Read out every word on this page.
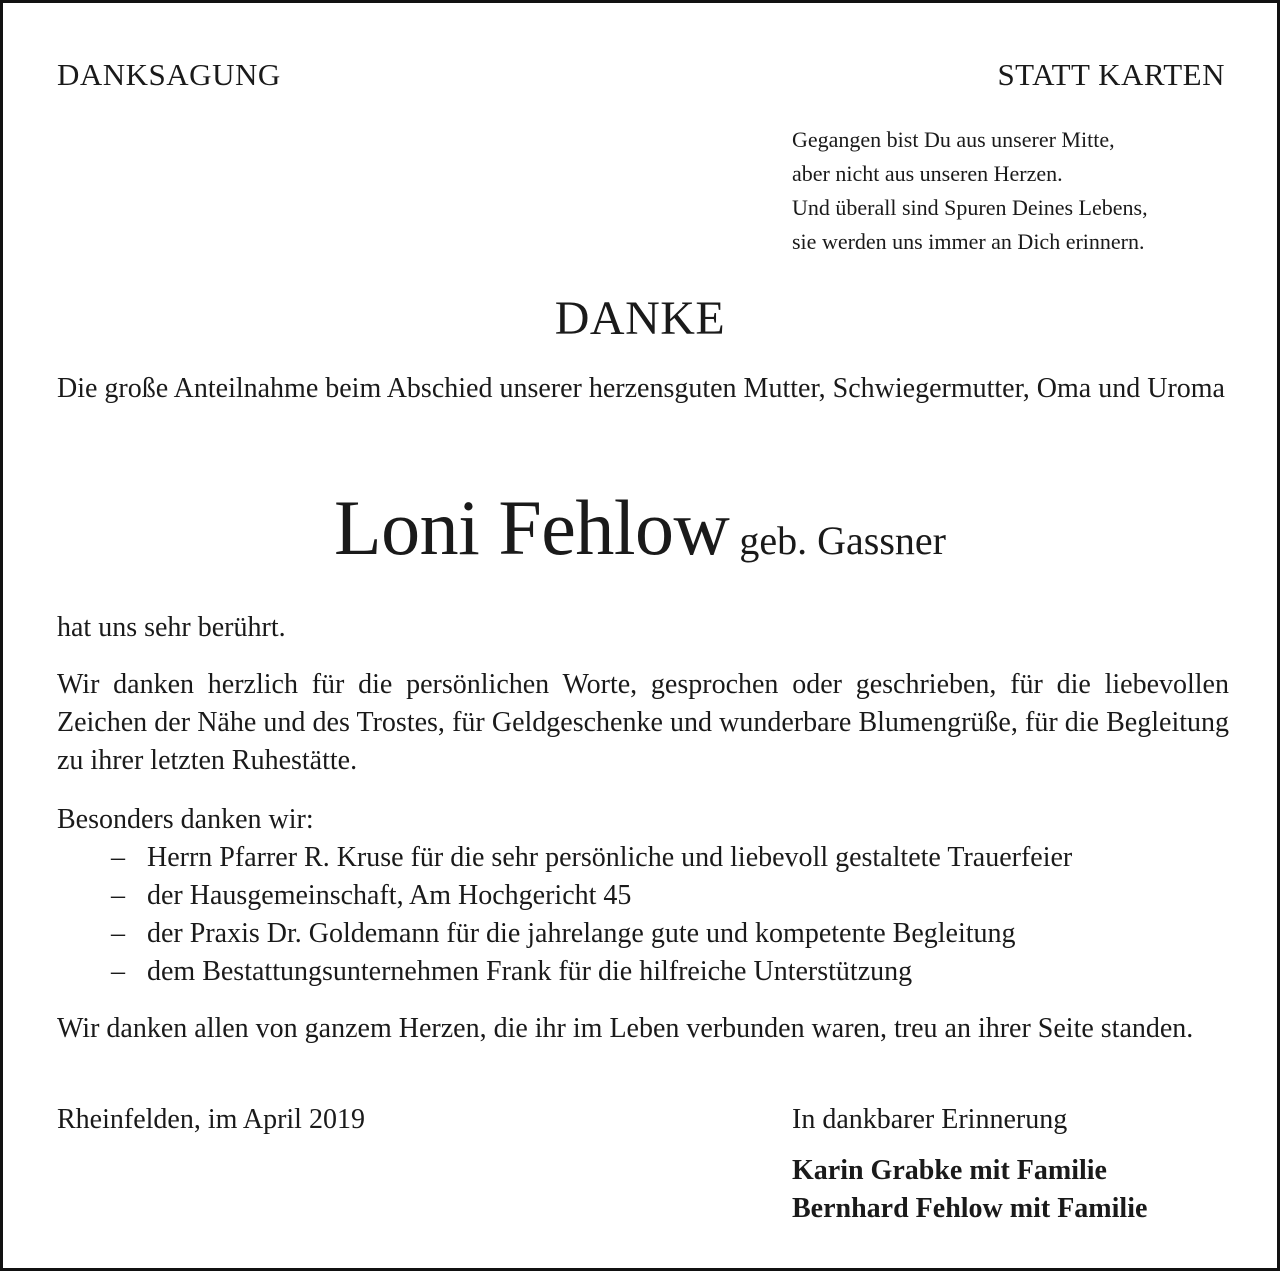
DANKSAGUNG	STATT KARTEN
Gegangen bist Du aus unserer Mitte,
aber nicht aus unseren Herzen.
Und überall sind Spuren Deines Lebens,
sie werden uns immer an Dich erinnern.
DANKE
Die große Anteilnahme beim Abschied unserer herzensguten Mutter, Schwiegermutter, Oma und Uroma
Loni Fehlow geb. Gassner
hat uns sehr berührt.
Wir danken herzlich für die persönlichen Worte, gesprochen oder geschrieben, für die liebevollen Zeichen der Nähe und des Trostes, für Geldgeschenke und wunderbare Blumengrüße, für die Begleitung zu ihrer letzten Ruhestätte.
Besonders danken wir:
– Herrn Pfarrer R. Kruse für die sehr persönliche und liebevoll gestaltete Trauerfeier
– der Hausgemeinschaft, Am Hochgericht 45
– der Praxis Dr. Goldemann für die jahrelange gute und kompetente Begleitung
– dem Bestattungsunternehmen Frank für die hilfreiche Unterstützung
Wir danken allen von ganzem Herzen, die ihr im Leben verbunden waren, treu an ihrer Seite standen.
Rheinfelden, im April 2019	In dankbarer Erinnerung
Karin Grabke mit Familie
Bernhard Fehlow mit Familie
